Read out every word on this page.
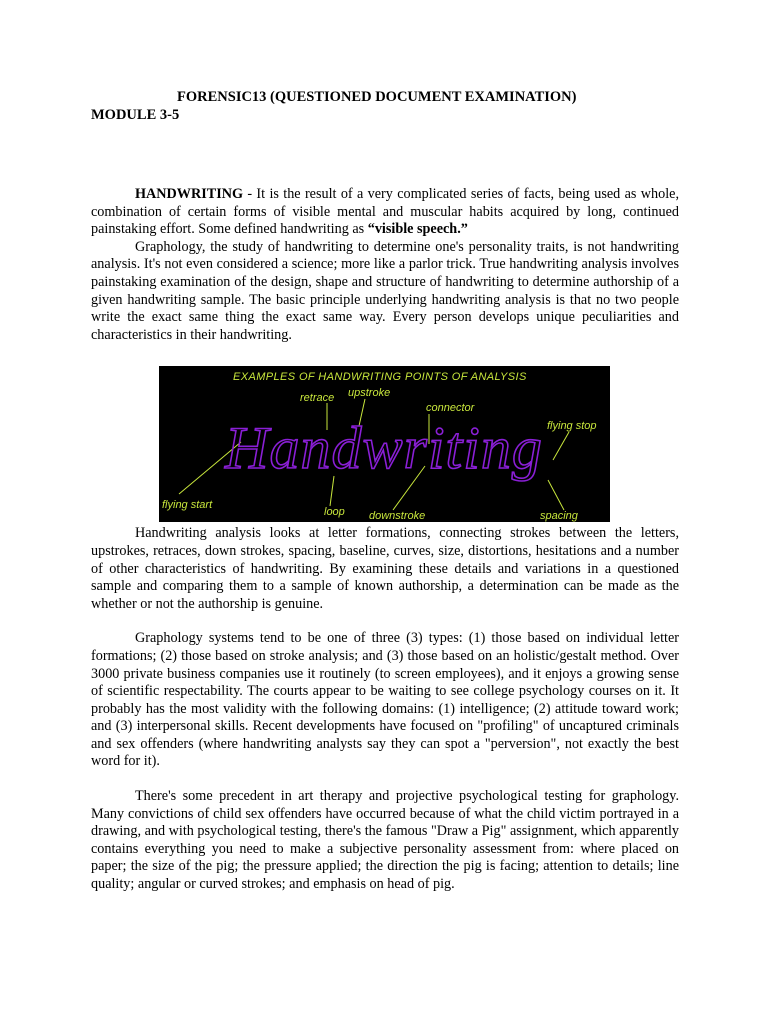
FORENSIC13 (QUESTIONED DOCUMENT EXAMINATION)
MODULE 3-5

HANDWRITING - It is the result of a very complicated series of facts, being used as whole, combination of certain forms of visible mental and muscular habits acquired by long, continued painstaking effort. Some defined handwriting as “visible speech.”

Graphology, the study of handwriting to determine one's personality traits, is not handwriting analysis. It's not even considered a science; more like a parlor trick. True handwriting analysis involves painstaking examination of the design, shape and structure of handwriting to determine authorship of a given handwriting sample. The basic principle underlying handwriting analysis is that no two people write the exact same thing the exact same way. Every person develops unique peculiarities and characteristics in their handwriting.

Handwriting analysis looks at letter formations, connecting strokes between the letters, upstrokes, retraces, down strokes, spacing, baseline, curves, size, distortions, hesitations and a number of other characteristics of handwriting. By examining these details and variations in a questioned sample and comparing them to a sample of known authorship, a determination can be made as the whether or not the authorship is genuine.

Graphology systems tend to be one of three (3) types: (1) those based on individual letter formations; (2) those based on stroke analysis; and (3) those based on an holistic/gestalt method. Over 3000 private business companies use it routinely (to screen employees), and it enjoys a growing sense of scientific respectability. The courts appear to be waiting to see college psychology courses on it. It probably has the most validity with the following domains: (1) intelligence; (2) attitude toward work; and (3) interpersonal skills. Recent developments have focused on "profiling" of uncaptured criminals and sex offenders (where handwriting analysts say they can spot a "perversion", not exactly the best word for it).

There's some precedent in art therapy and projective psychological testing for graphology. Many convictions of child sex offenders have occurred because of what the child victim portrayed in a drawing, and with psychological testing, there's the famous "Draw a Pig" assignment, which apparently contains everything you need to make a subjective personality assessment from: where placed on paper; the size of the pig; the pressure applied; the direction the pig is facing; attention to details; line quality; angular or curved strokes; and emphasis on head of pig.

EXAMPLES OF HANDWRITING POINTS OF ANALYSIS
retrace upstroke
connector
flying stop
flying start
loop downstroke	spacing
Handwriting
